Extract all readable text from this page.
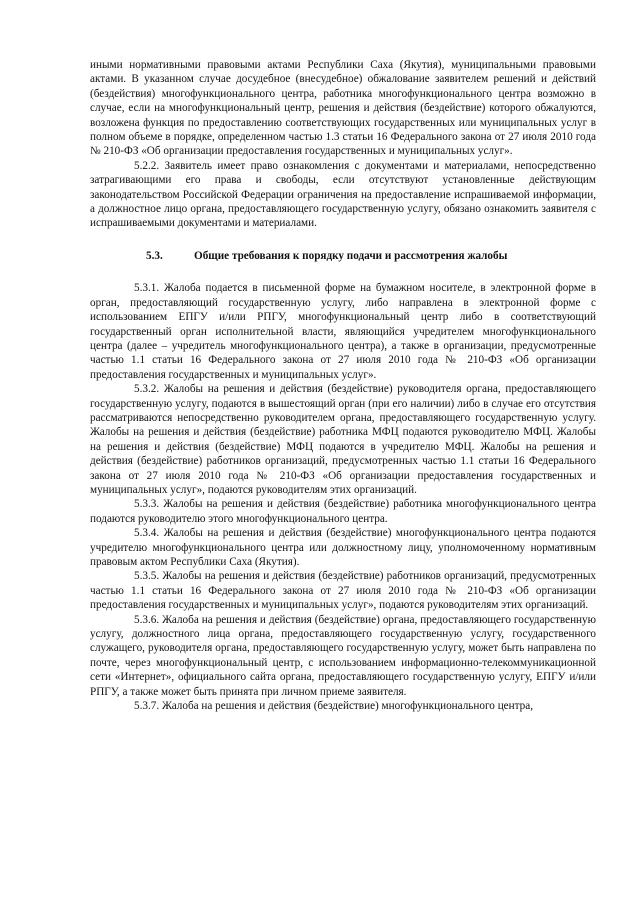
иными нормативными правовыми актами Республики Саха (Якутия), муниципальными правовыми актами. В указанном случае досудебное (внесудебное) обжалование заявителем решений и действий (бездействия) многофункционального центра, работника многофункционального центра возможно в случае, если на многофункциональный центр, решения и действия (бездействие) которого обжалуются, возложена функция по предоставлению соответствующих государственных или муниципальных услуг в полном объеме в порядке, определенном частью 1.3 статьи 16 Федерального закона от 27 июля 2010 года № 210-ФЗ «Об организации предоставления государственных и муниципальных услуг».

5.2.2. Заявитель имеет право ознакомления с документами и материалами, непосредственно затрагивающими его права и свободы, если отсутствуют установленные действующим законодательством Российской Федерации ограничения на предоставление испрашиваемой информации, а должностное лицо органа, предоставляющего государственную услугу, обязано ознакомить заявителя с испрашиваемыми документами и материалами.

5.3.	Общие требования к порядку подачи и рассмотрения жалобы

5.3.1. Жалоба подается в письменной форме на бумажном носителе, в электронной форме в орган, предоставляющий государственную услугу, либо направлена в электронной форме с использованием ЕПГУ и/или РПГУ, многофункциональный центр либо в соответствующий государственный орган исполнительной власти, являющийся учредителем многофункционального центра (далее – учредитель многофункционального центра), а также в организации, предусмотренные частью 1.1 статьи 16 Федерального закона от 27 июля 2010 года № 210-ФЗ «Об организации предоставления государственных и муниципальных услуг».

5.3.2. Жалобы на решения и действия (бездействие) руководителя органа, предоставляющего государственную услугу, подаются в вышестоящий орган (при его наличии) либо в случае его отсутствия рассматриваются непосредственно руководителем органа, предоставляющего государственную услугу. Жалобы на решения и действия (бездействие) работника МФЦ подаются руководителю МФЦ. Жалобы на решения и действия (бездействие) МФЦ подаются в учредителю МФЦ. Жалобы на решения и действия (бездействие) работников организаций, предусмотренных частью 1.1 статьи 16 Федерального закона от 27 июля 2010 года № 210-ФЗ «Об организации предоставления государственных и муниципальных услуг», подаются руководителям этих организаций.

5.3.3. Жалобы на решения и действия (бездействие) работника многофункционального центра подаются руководителю этого многофункционального центра.

5.3.4. Жалобы на решения и действия (бездействие) многофункционального центра подаются учредителю многофункционального центра или должностному лицу, уполномоченному нормативным правовым актом Республики Саха (Якутия).

5.3.5. Жалобы на решения и действия (бездействие) работников организаций, предусмотренных частью 1.1 статьи 16 Федерального закона от 27 июля 2010 года № 210-ФЗ «Об организации предоставления государственных и муниципальных услуг», подаются руководителям этих организаций.

5.3.6. Жалоба на решения и действия (бездействие) органа, предоставляющего государственную услугу, должностного лица органа, предоставляющего государственную услугу, государственного служащего, руководителя органа, предоставляющего государственную услугу, может быть направлена по почте, через многофункциональный центр, с использованием информационно-телекоммуникационной сети «Интернет», официального сайта органа, предоставляющего государственную услугу, ЕПГУ и/или РПГУ, а также может быть принята при личном приеме заявителя.

5.3.7. Жалоба на решения и действия (бездействие) многофункционального центра,
